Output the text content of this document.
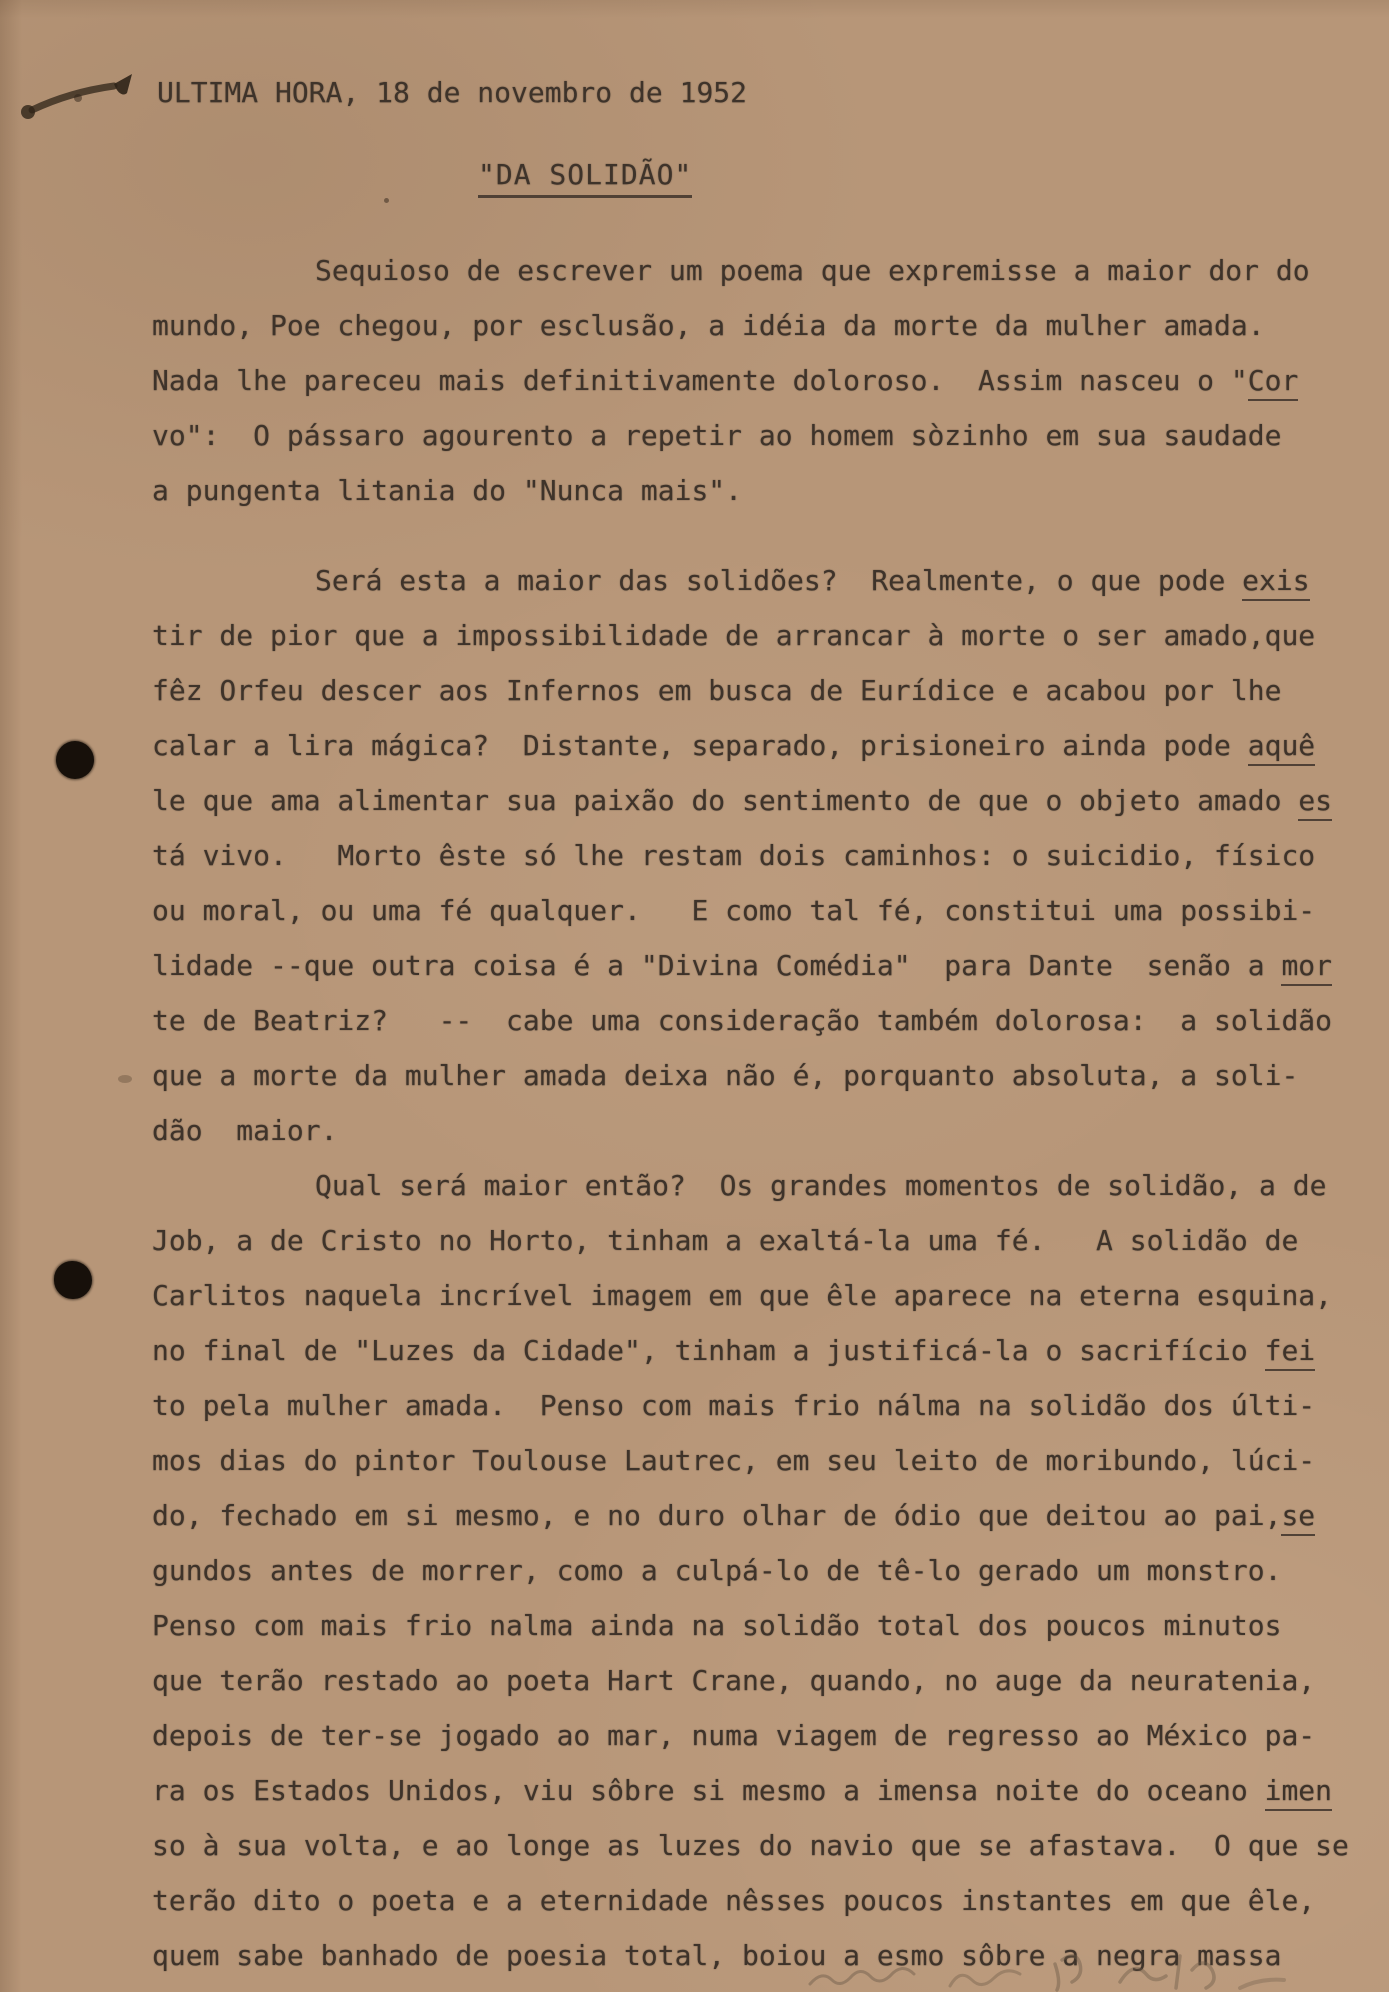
ULTIMA HORA, 18 de novembro de 1952
"DA SOLIDÃO"
Sequioso de escrever um poema que expremisse a maior dor do
mundo, Poe chegou, por esclusão, a idéia da morte da mulher amada.
Nada lhe pareceu mais definitivamente doloroso.  Assim nasceu o "Cor
vo":  O pássaro agourento a repetir ao homem sòzinho em sua saudade
a pungenta litania do "Nunca mais".
Será esta a maior das solidões?  Realmente, o que pode exis
tir de pior que a impossibilidade de arrancar à morte o ser amado,que
fêz Orfeu descer aos Infernos em busca de Eurídice e acabou por lhe
calar a lira mágica?  Distante, separado, prisioneiro ainda pode aquê
le que ama alimentar sua paixão do sentimento de que o objeto amado es
tá vivo.   Morto êste só lhe restam dois caminhos: o suicidio, físico
ou moral, ou uma fé qualquer.   E como tal fé, constitui uma possibi-
lidade --que outra coisa é a "Divina Comédia"  para Dante  senão a mor
te de Beatriz?   --  cabe uma consideração também dolorosa:  a solidão
que a morte da mulher amada deixa não é, porquanto absoluta, a soli-
dão  maior.
Qual será maior então?  Os grandes momentos de solidão, a de
Job, a de Cristo no Horto, tinham a exaltá-la uma fé.   A solidão de
Carlitos naquela incrível imagem em que êle aparece na eterna esquina,
no final de "Luzes da Cidade", tinham a justificá-la o sacrifício fei
to pela mulher amada.  Penso com mais frio nálma na solidão dos últi-
mos dias do pintor Toulouse Lautrec, em seu leito de moribundo, lúci-
do, fechado em si mesmo, e no duro olhar de ódio que deitou ao pai,se
gundos antes de morrer, como a culpá-lo de tê-lo gerado um monstro.
Penso com mais frio nalma ainda na solidão total dos poucos minutos
que terão restado ao poeta Hart Crane, quando, no auge da neuratenia,
depois de ter-se jogado ao mar, numa viagem de regresso ao México pa-
ra os Estados Unidos, viu sôbre si mesmo a imensa noite do oceano imen
so à sua volta, e ao longe as luzes do navio que se afastava.  O que se
terão dito o poeta e a eternidade nêsses poucos instantes em que êle,
quem sabe banhado de poesia total, boiou a esmo sôbre a negra massa
